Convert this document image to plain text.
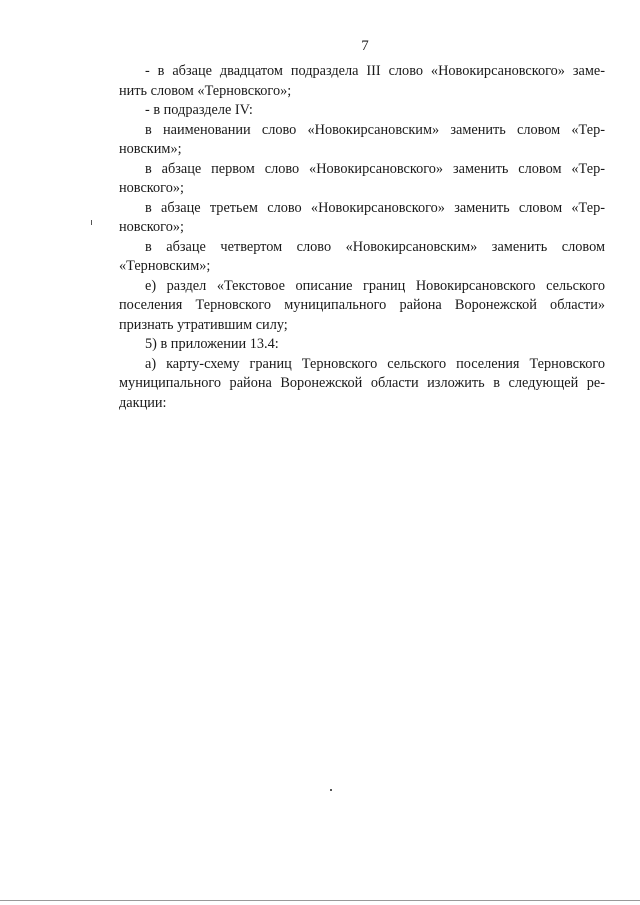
7
- в абзаце двадцатом подраздела III слово «Новокирсановского» заме-
нить словом «Терновского»;
- в подразделе IV:
в наименовании слово «Новокирсановским» заменить словом «Тер-
новским»;
в абзаце первом слово «Новокирсановского» заменить словом «Тер-
новского»;
в абзаце третьем слово «Новокирсановского» заменить словом «Тер-
новского»;
в абзаце четвертом слово «Новокирсановским» заменить словом
«Терновским»;
е) раздел «Текстовое описание границ Новокирсановского сельского
поселения Терновского муниципального района Воронежской области»
признать утратившим силу;
5) в приложении 13.4:
а) карту-схему границ Терновского сельского поселения Терновского
муниципального района Воронежской области изложить в следующей ре-
дакции:
